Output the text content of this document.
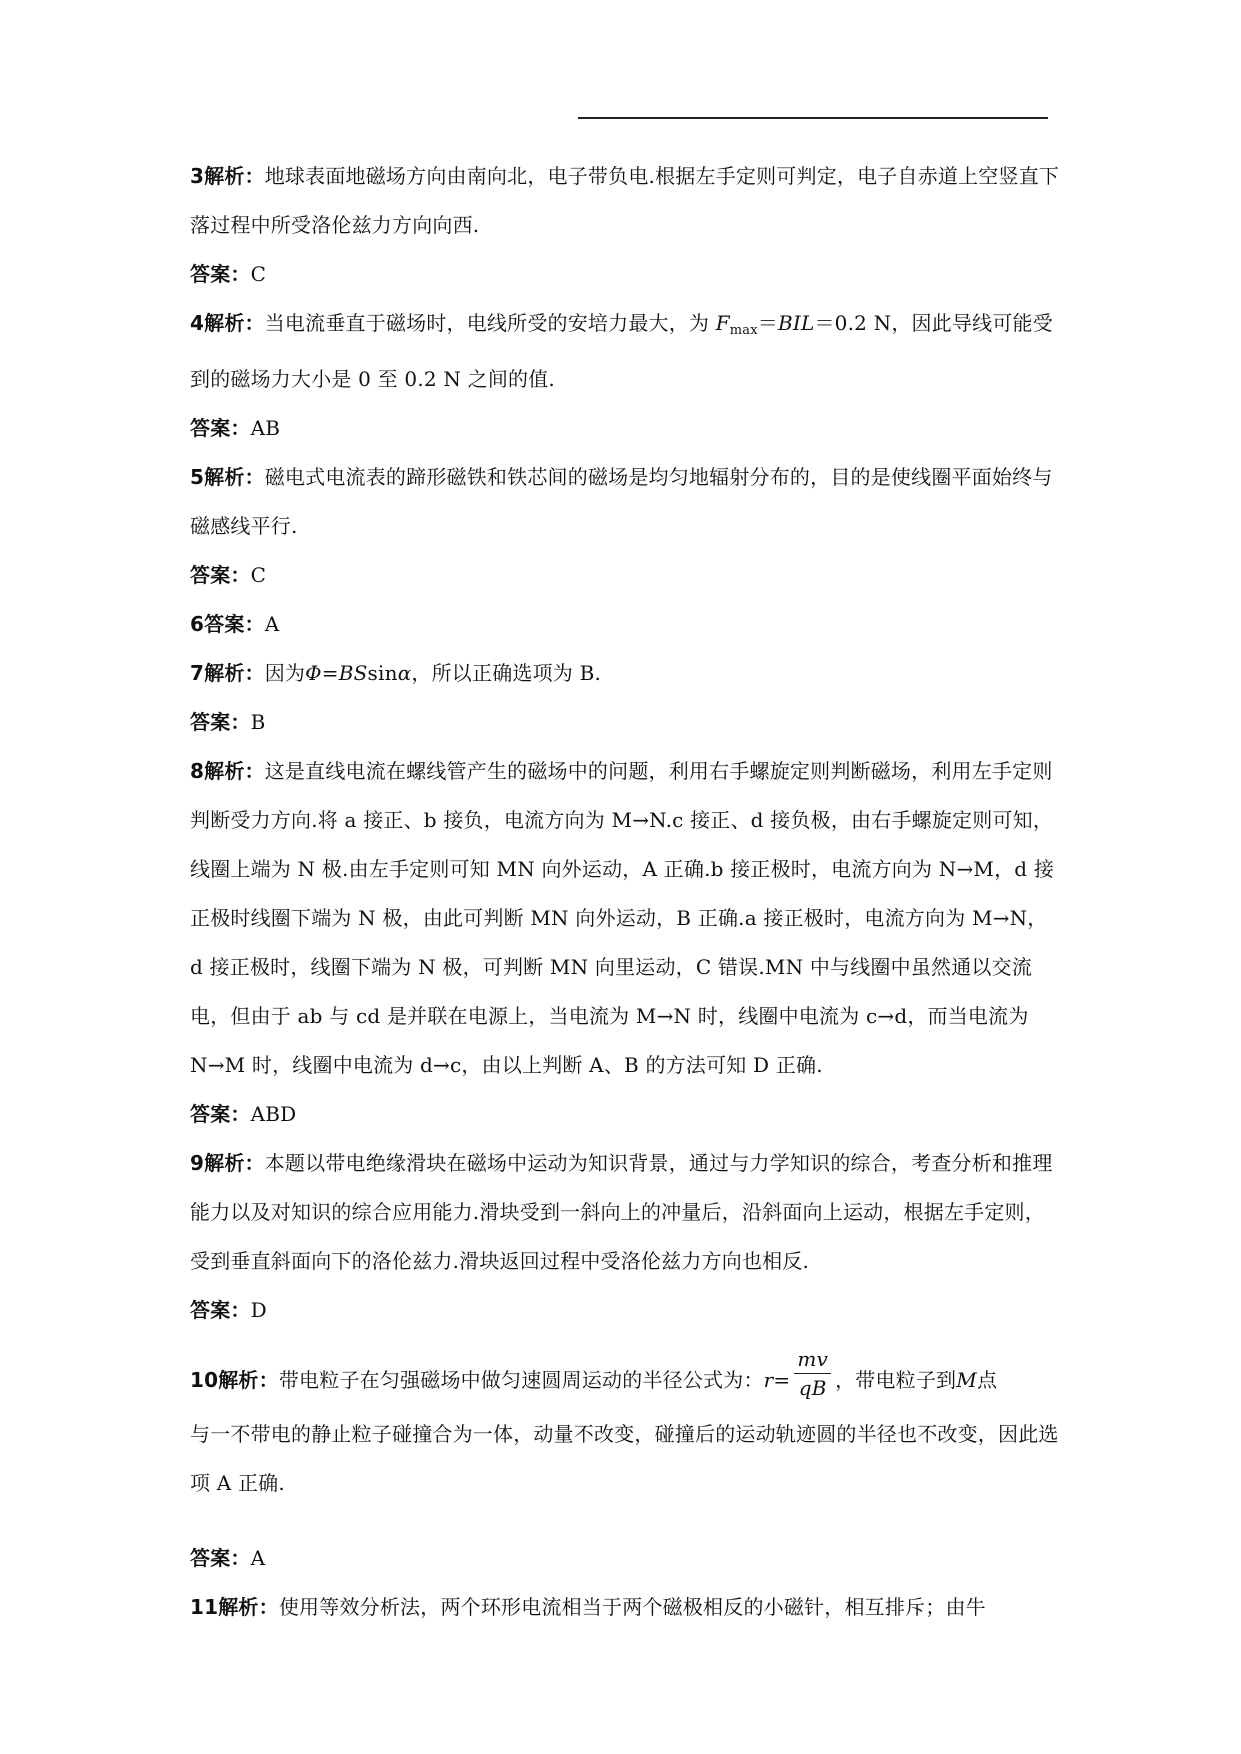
3解析：地球表面地磁场方向由南向北，电子带负电.根据左手定则可判定，电子自赤道上空竖直下落过程中所受洛伦兹力方向向西.

答案：C

4解析：当电流垂直于磁场时，电线所受的安培力最大，为 $F_{max}=BIL=0.2$ N，因此导线可能受到的磁场力大小是 0 至 0.2 N 之间的值.

答案：AB

5解析：磁电式电流表的蹄形磁铁和铁芯间的磁场是均匀地辐射分布的，目的是使线圈平面始终与磁感线平行.

答案：C

6答案：A

7解析：因为Φ=BSsinα，所以正确选项为 B.

答案：B

8解析：这是直线电流在螺线管产生的磁场中的问题，利用右手螺旋定则判断磁场，利用左手定则判断受力方向.将 a 接正、b 接负，电流方向为 M→N.c 接正、d 接负极，由右手螺旋定则可知，线圈上端为 N 极.由左手定则可知 MN 向外运动，A 正确.b 接正极时，电流方向为 N→M，d 接正极时线圈下端为 N 极，由此可判断 MN 向外运动，B 正确.a 接正极时，电流方向为 M→N，d 接正极时，线圈下端为 N 极，可判断 MN 向里运动，C 错误.MN 中与线圈中虽然通以交流电，但由于 ab 与 cd 是并联在电源上，当电流为 M→N 时，线圈中电流为 c→d，而当电流为 N→M 时，线圈中电流为 d→c，由以上判断 A、B 的方法可知 D 正确.

答案：ABD

9解析：本题以带电绝缘滑块在磁场中运动为知识背景，通过与力学知识的综合，考查分析和推理能力以及对知识的综合应用能力.滑块受到一斜向上的冲量后，沿斜面向上运动，根据左手定则，受到垂直斜面向下的洛伦兹力.滑块返回过程中受洛伦兹力方向也相反.

答案：D

10解析：带电粒子在匀强磁场中做匀速圆周运动的半径公式为：$r= \frac{mv}{qB}$ ，带电粒子到M点
与一不带电的静止粒子碰撞合为一体，动量不改变，碰撞后的运动轨迹圆的半径也不改变，因此选项 A 正确.

答案：A

11解析：使用等效分析法，两个环形电流相当于两个磁极相反的小磁针，相互排斥；由牛
